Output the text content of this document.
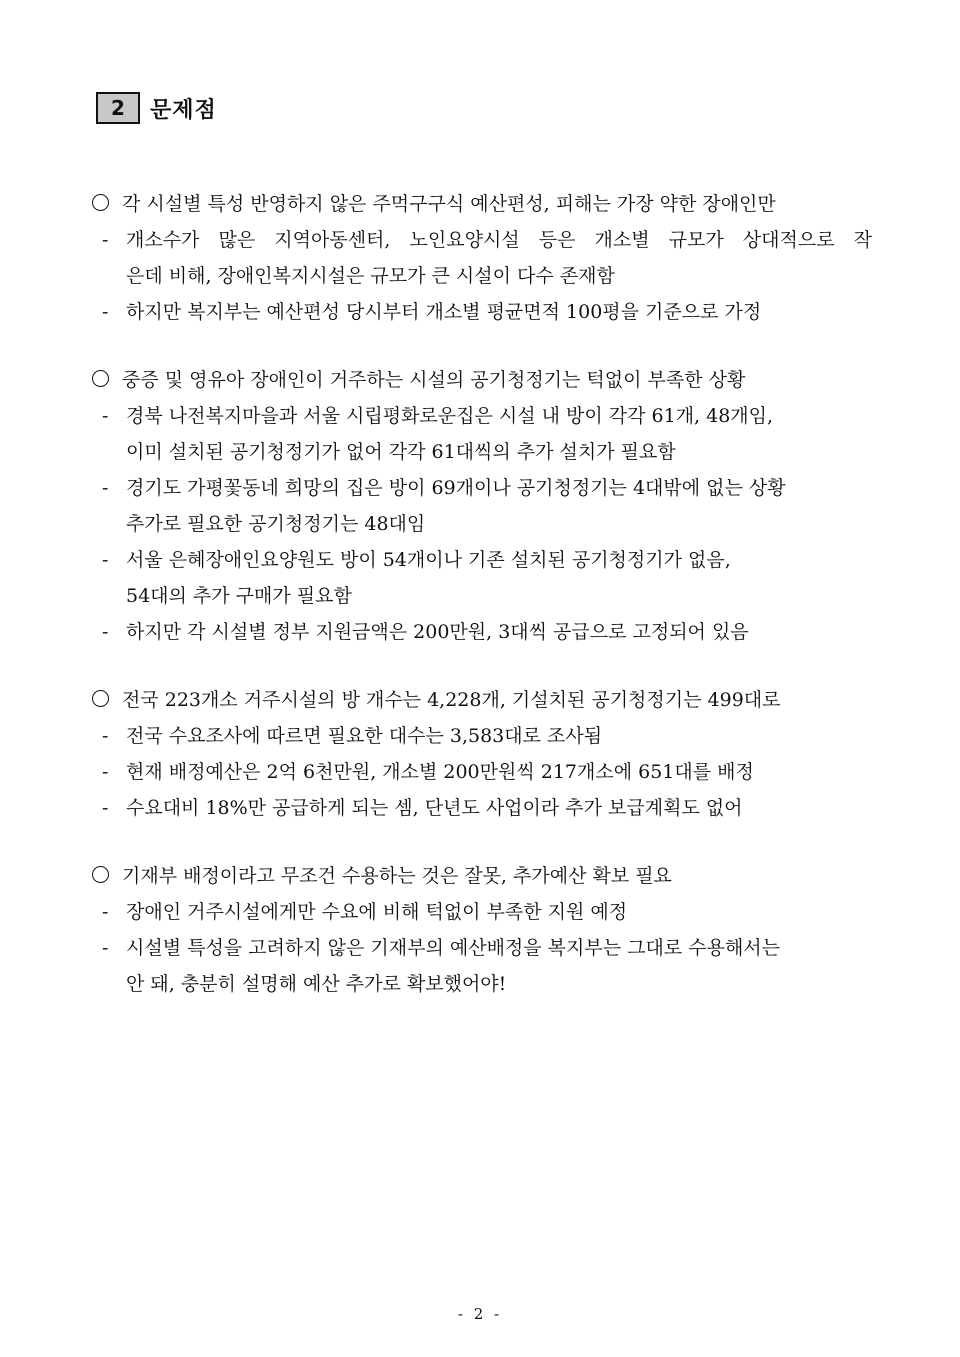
2	문제점
각 시설별 특성 반영하지 않은 주먹구구식 예산편성, 피해는 가장 약한 장애인만
- 개소수가 많은 지역아동센터, 노인요양시설 등은 개소별 규모가 상대적으로 작
은데 비해, 장애인복지시설은 규모가 큰 시설이 다수 존재함
- 하지만 복지부는 예산편성 당시부터 개소별 평균면적 100평을 기준으로 가정
중증 및 영유아 장애인이 거주하는 시설의 공기청정기는 턱없이 부족한 상황
- 경북 나전복지마을과 서울 시립평화로운집은 시설 내 방이 각각 61개, 48개임,
이미 설치된 공기청정기가 없어 각각 61대씩의 추가 설치가 필요함
- 경기도 가평꽃동네 희망의 집은 방이 69개이나 공기청정기는 4대밖에 없는 상황
추가로 필요한 공기청정기는 48대임
- 서울 은혜장애인요양원도 방이 54개이나 기존 설치된 공기청정기가 없음,
54대의 추가 구매가 필요함
- 하지만 각 시설별 정부 지원금액은 200만원, 3대씩 공급으로 고정되어 있음
전국 223개소 거주시설의 방 개수는 4,228개, 기설치된 공기청정기는 499대로
- 전국 수요조사에 따르면 필요한 대수는 3,583대로 조사됨
- 현재 배정예산은 2억 6천만원, 개소별 200만원씩 217개소에 651대를 배정
- 수요대비 18%만 공급하게 되는 셈, 단년도 사업이라 추가 보급계획도 없어
기재부 배정이라고 무조건 수용하는 것은 잘못, 추가예산 확보 필요
- 장애인 거주시설에게만 수요에 비해 턱없이 부족한 지원 예정
- 시설별 특성을 고려하지 않은 기재부의 예산배정을 복지부는 그대로 수용해서는
안 돼, 충분히 설명해 예산 추가로 확보했어야!
- 2 -
